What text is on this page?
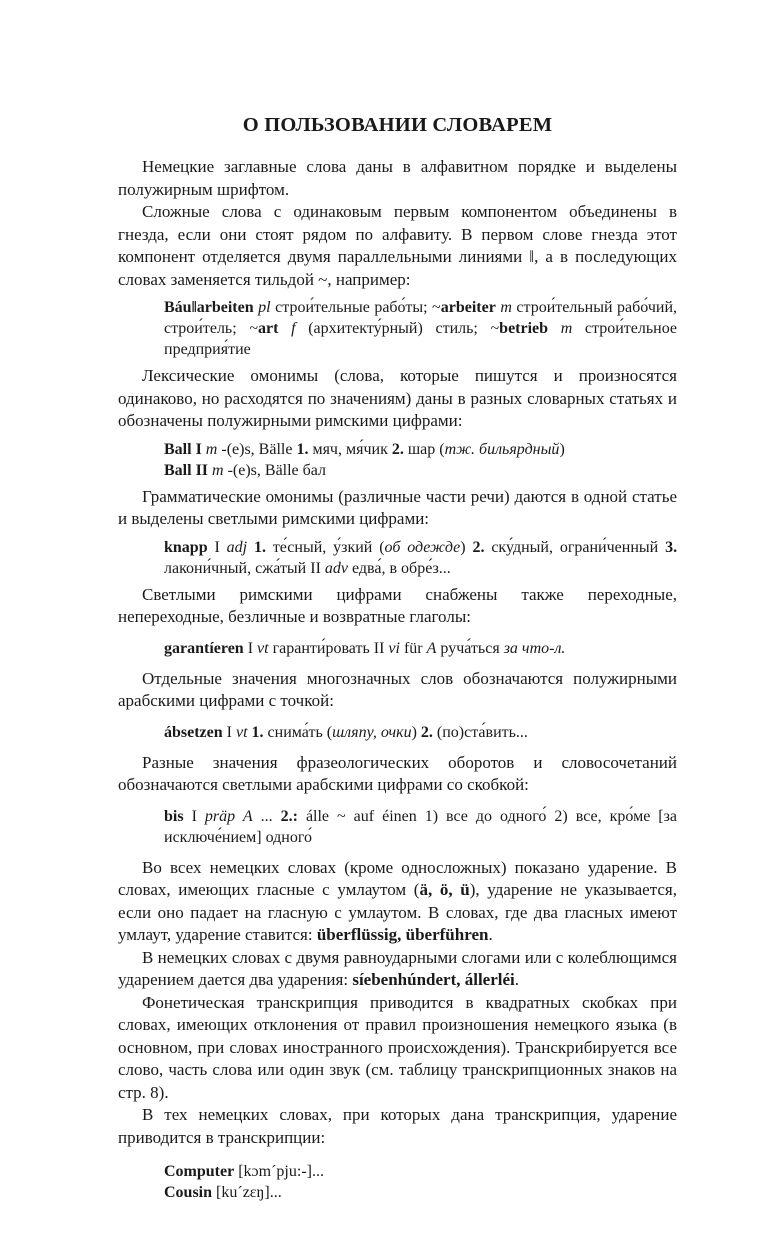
О ПОЛЬЗОВАНИИ СЛОВАРЕМ

Немецкие заглавные слова даны в алфавитном порядке и выделены полужирным шрифтом.

Сложные слова с одинаковым первым компонентом объединены в гнезда, если они стоят рядом по алфавиту. В первом слове гнезда этот компонент отделяется двумя параллельными линиями ‖, а в последующих словах заменяется тильдой ~, например:

Báu‖arbeiten pl строи́тельные рабо́ты; ~arbeiter m строи́тельный рабо́чий, строи́тель; ~art f (архитекту́рный) стиль; ~betrieb m строи́тельное предприя́тие

Лексические омонимы (слова, которые пишутся и произносятся одинаково, но расходятся по значениям) даны в разных словарных статьях и обозначены полужирными римскими цифрами:

Ball I m -(e)s, Bälle 1. мяч, мя́чик 2. шар (тж. бильярдный)
Ball II m -(e)s, Bälle бал

Грамматические омонимы (различные части речи) даются в одной статье и выделены светлыми римскими цифрами:

knapp I adj 1. те́сный, у́зкий (об одежде) 2. ску́дный, ограни́ченный 3. лакони́чный, сжа́тый II adv едва́, в обре́з...

Светлыми римскими цифрами снабжены также переходные, непереходные, безличные и возвратные глаголы:

garantíeren I vt гаранти́ровать II vi für A руча́ться за что-л.

Отдельные значения многозначных слов обозначаются полужирными арабскими цифрами с точкой:

ábsetzen I vt 1. снима́ть (шляпу, очки) 2. (по)ста́вить...

Разные значения фразеологических оборотов и словосочетаний обозначаются светлыми арабскими цифрами со скобкой:

bis I präp A ... 2.: álle ~ auf éinen 1) все до одного́ 2) все, кро́ме [за исключе́нием] одного́

Во всех немецких словах (кроме односложных) показано ударение. В словах, имеющих гласные с умлаутом (ä, ö, ü), ударение не указывается, если оно падает на гласную с умлаутом. В словах, где два гласных имеют умлаут, ударение ставится: überflüssig, überführen.

В немецких словах с двумя равноударными слогами или с колеблющимся ударением дается два ударения: síebenhúndert, állerléi.

Фонетическая транскрипция приводится в квадратных скобках при словах, имеющих отклонения от правил произношения немецкого языка (в основном, при словах иностранного происхождения). Транскрибируется все слово, часть слова или один звук (см. таблицу транскрипционных знаков на стр. 8).

В тех немецких словах, при которых дана транскрипция, ударение приводится в транскрипции:

Computer [kɔm´pju:-]...
Cousin [ku´zɛŋ]...
